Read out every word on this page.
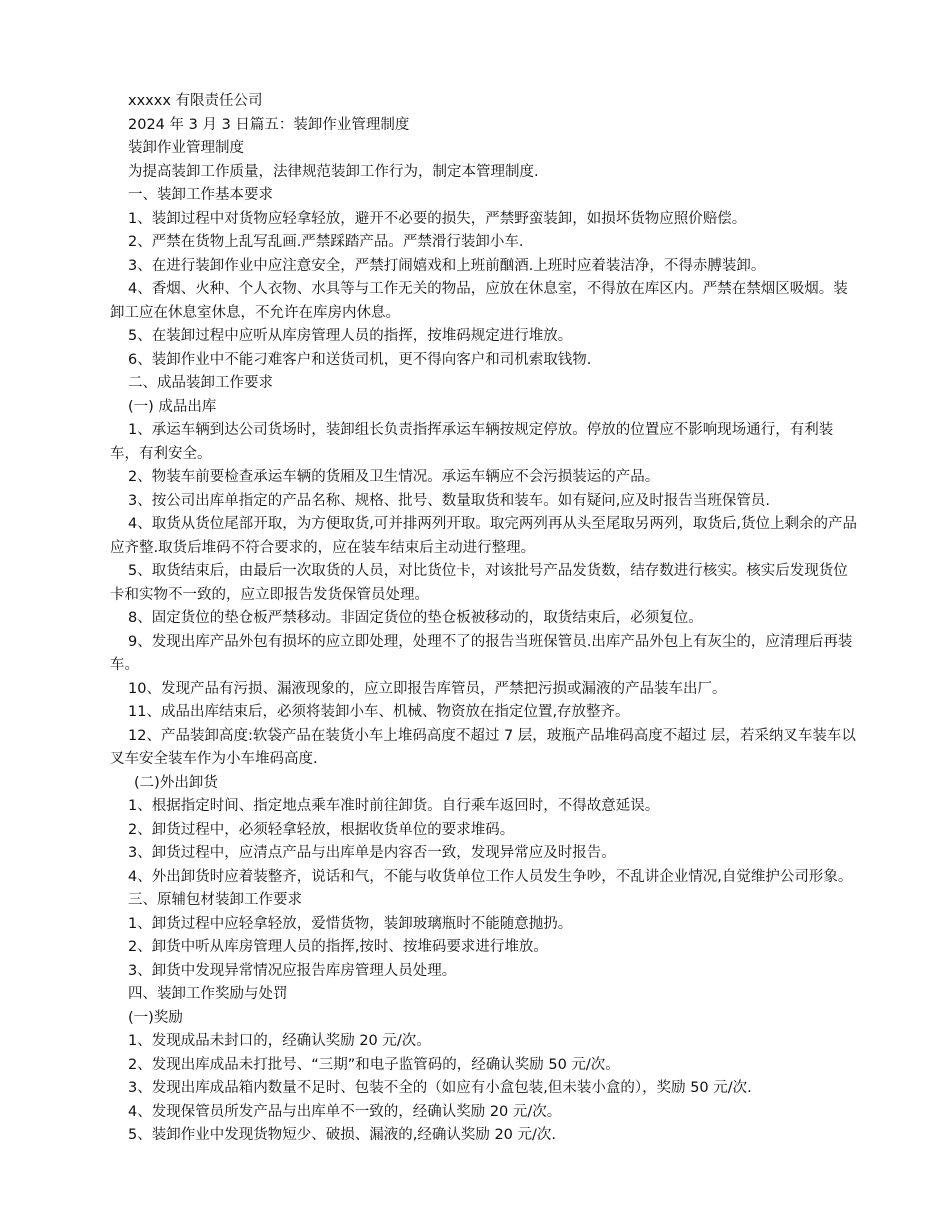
xxxxx 有限责任公司

2024 年 3 月 3 日篇五：装卸作业管理制度

装卸作业管理制度

为提高装卸工作质量，法律规范装卸工作行为，制定本管理制度.

一、装卸工作基本要求

1、装卸过程中对货物应轻拿轻放，避开不必要的损失，严禁野蛮装卸，如损坏货物应照价赔偿。

2、严禁在货物上乱写乱画.严禁踩踏产品。严禁滑行装卸小车.

3、在进行装卸作业中应注意安全，严禁打闹嬉戏和上班前酗酒.上班时应着装洁净，不得赤膊装卸。

4、香烟、火种、个人衣物、水具等与工作无关的物品，应放在休息室，不得放在库区内。严禁在禁烟区吸烟。装卸工应在休息室休息，不允许在库房内休息。

5、在装卸过程中应听从库房管理人员的指挥，按堆码规定进行堆放。

6、装卸作业中不能刁难客户和送货司机，更不得向客户和司机索取钱物.

二、成品装卸工作要求

(一) 成品出库

1、承运车辆到达公司货场时，装卸组长负责指挥承运车辆按规定停放。停放的位置应不影响现场通行，有利装车，有利安全。

2、物装车前要检查承运车辆的货厢及卫生情况。承运车辆应不会污损装运的产品。

3、按公司出库单指定的产品名称、规格、批号、数量取货和装车。如有疑问,应及时报告当班保管员.

4、取货从货位尾部开取，为方便取货,可并排两列开取。取完两列再从头至尾取另两列，取货后,货位上剩余的产品应齐整.取货后堆码不符合要求的，应在装车结束后主动进行整理。

5、取货结束后，由最后一次取货的人员，对比货位卡，对该批号产品发货数，结存数进行核实。核实后发现货位卡和实物不一致的，应立即报告发货保管员处理。

8、固定货位的垫仓板严禁移动。非固定货位的垫仓板被移动的，取货结束后，必须复位。

9、发现出库产品外包有损坏的应立即处理，处理不了的报告当班保管员.出库产品外包上有灰尘的，应清理后再装车。

10、发现产品有污损、漏液现象的，应立即报告库管员，严禁把污损或漏液的产品装车出厂。

11、成品出库结束后，必须将装卸小车、机械、物资放在指定位置,存放整齐。

12、产品装卸高度:软袋产品在装货小车上堆码高度不超过 7 层，玻瓶产品堆码高度不超过 层，若采纳叉车装车以叉车安全装车作为小车堆码高度.

(二)外出卸货

1、根据指定时间、指定地点乘车准时前往卸货。自行乘车返回时，不得故意延误。

2、卸货过程中，必须轻拿轻放，根据收货单位的要求堆码。

3、卸货过程中，应清点产品与出库单是内容否一致，发现异常应及时报告。

4、外出卸货时应着装整齐，说话和气，不能与收货单位工作人员发生争吵，不乱讲企业情况,自觉维护公司形象。

三、原辅包材装卸工作要求

1、卸货过程中应轻拿轻放，爱惜货物，装卸玻璃瓶时不能随意抛扔。

2、卸货中听从库房管理人员的指挥,按时、按堆码要求进行堆放。

3、卸货中发现异常情况应报告库房管理人员处理。

四、装卸工作奖励与处罚

(一)奖励

1、发现成品未封口的，经确认奖励 20 元/次。

2、发现出库成品未打批号、“三期”和电子监管码的，经确认奖励 50 元/次。

3、发现出库成品箱内数量不足时、包装不全的（如应有小盒包装,但未装小盒的），奖励 50 元/次.

4、发现保管员所发产品与出库单不一致的，经确认奖励 20 元/次。

5、装卸作业中发现货物短少、破损、漏液的,经确认奖励 20 元/次.
